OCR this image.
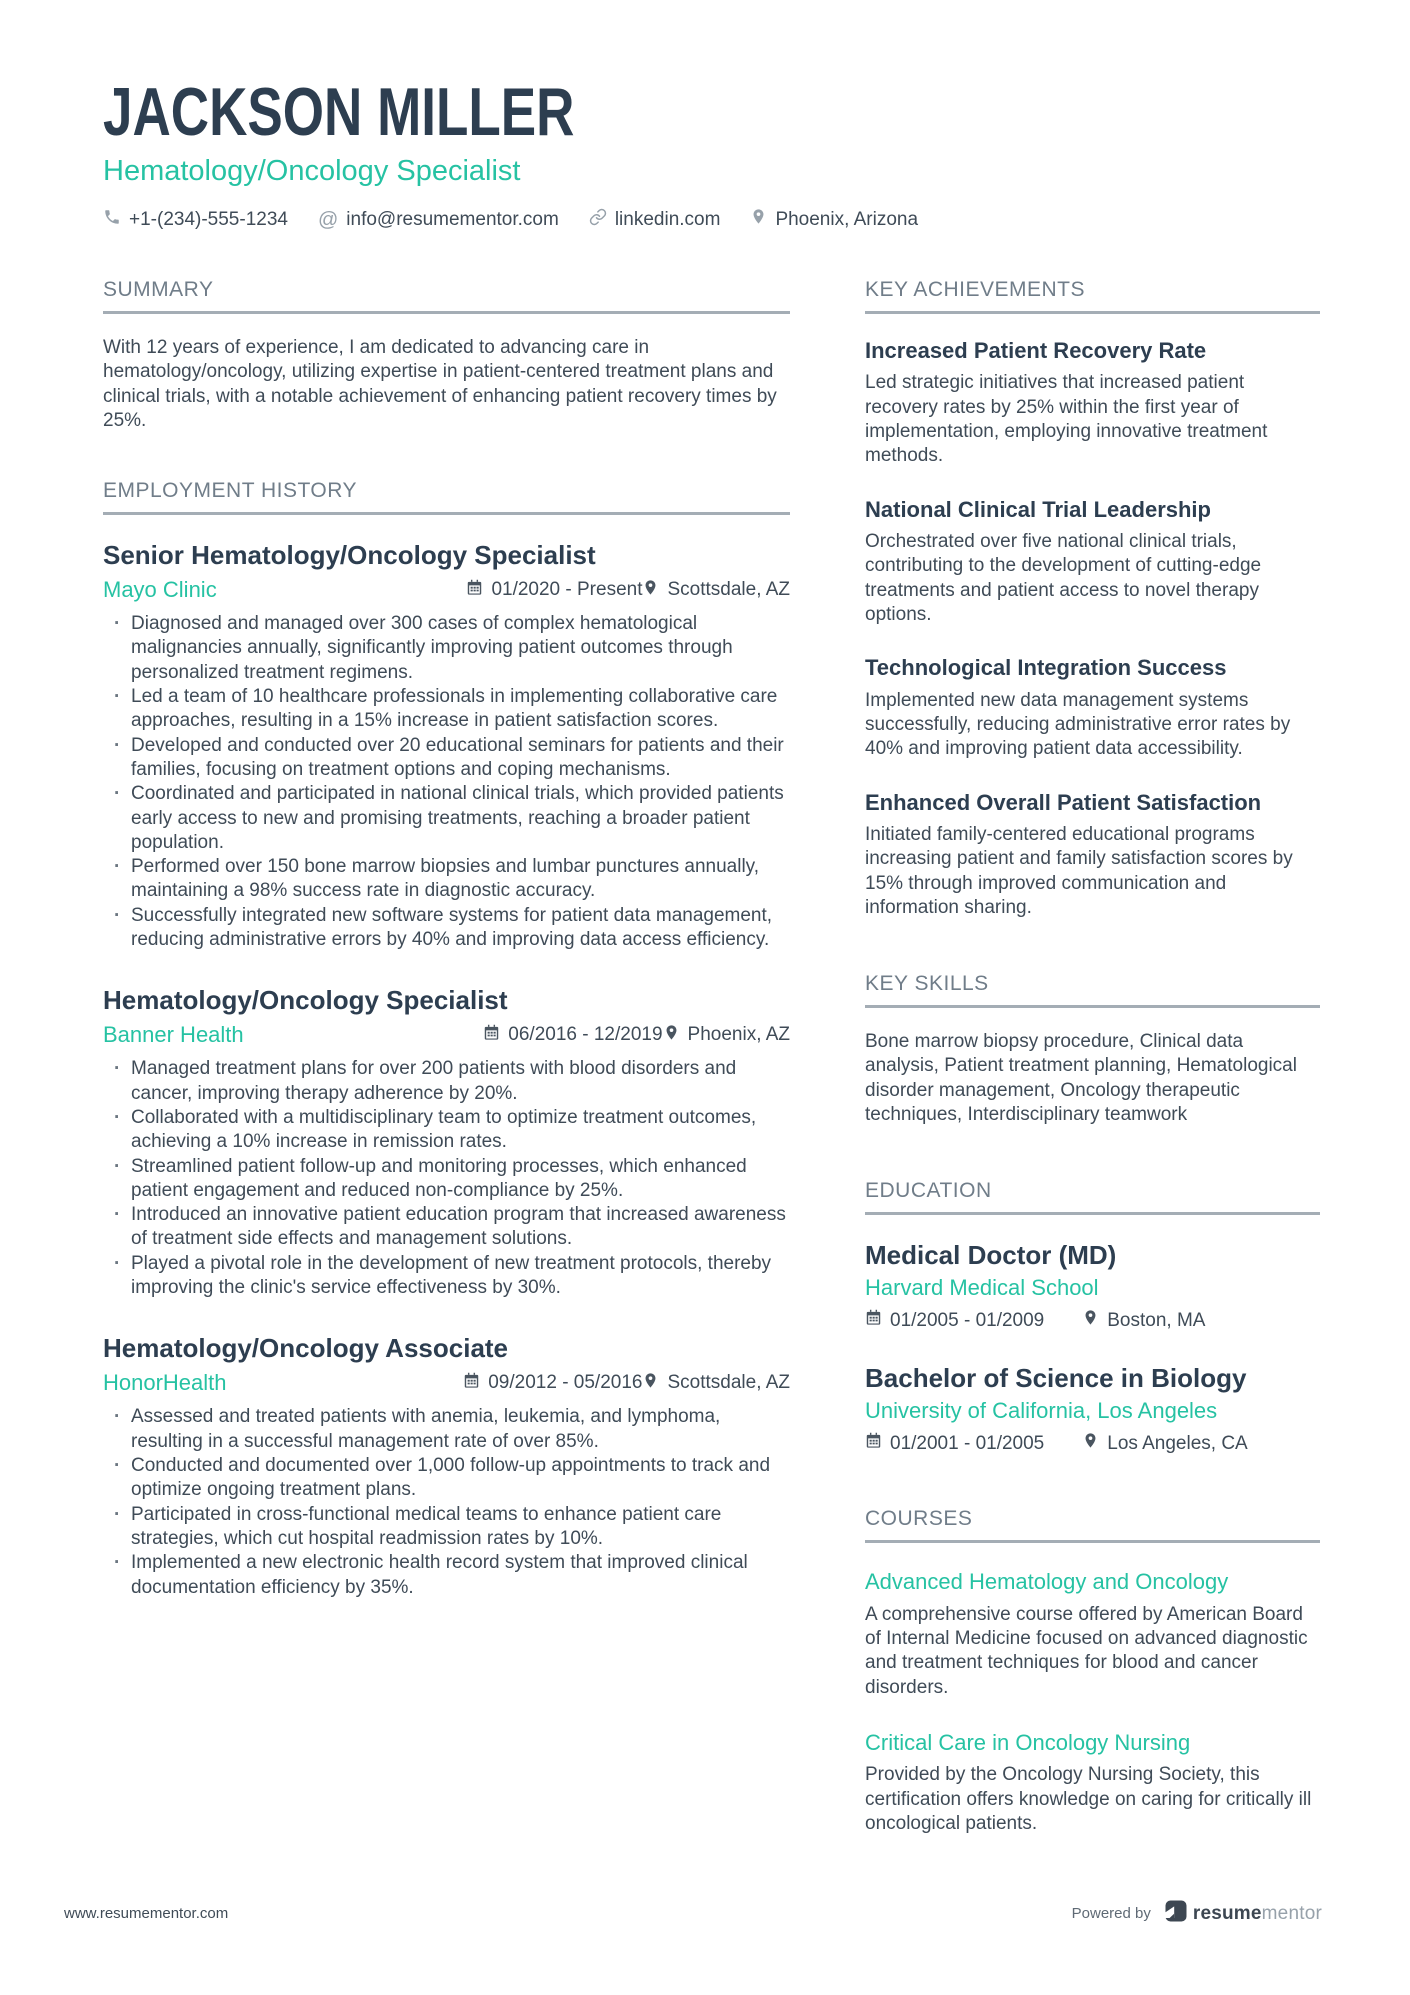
JACKSON MILLER
Hematology/Oncology Specialist
+1-(234)-555-1234 @ info@resumementor.com	linkedin.com	Phoenix, Arizona
SUMMARY

With 12 years of experience, I am dedicated to advancing care in hematology/oncology, utilizing expertise in patient-centered treatment plans and clinical trials, with a notable achievement of enhancing patient recovery times by 25%.

EMPLOYMENT HISTORY
Senior Hematology/Oncology Specialist
Mayo Clinic	01/2020 - Present Scottsdale, AZ
· Diagnosed and managed over 300 cases of complex hematological malignancies annually, significantly improving patient outcomes through personalized treatment regimens.
· Led a team of 10 healthcare professionals in implementing collaborative care approaches, resulting in a 15% increase in patient satisfaction scores.
· Developed and conducted over 20 educational seminars for patients and their families, focusing on treatment options and coping mechanisms.
· Coordinated and participated in national clinical trials, which provided patients early access to new and promising treatments, reaching a broader patient population.
· Performed over 150 bone marrow biopsies and lumbar punctures annually, maintaining a 98% success rate in diagnostic accuracy.
· Successfully integrated new software systems for patient data management, reducing administrative errors by 40% and improving data access efficiency.
Hematology/Oncology Specialist
Banner Health	06/2016 - 12/2019 Phoenix, AZ
· Managed treatment plans for over 200 patients with blood disorders and cancer, improving therapy adherence by 20%.
· Collaborated with a multidisciplinary team to optimize treatment outcomes, achieving a 10% increase in remission rates.
· Streamlined patient follow-up and monitoring processes, which enhanced patient engagement and reduced non-compliance by 25%.
· Introduced an innovative patient education program that increased awareness of treatment side effects and management solutions.
· Played a pivotal role in the development of new treatment protocols, thereby improving the clinic's service effectiveness by 30%.
Hematology/Oncology Associate
HonorHealth	09/2012 - 05/2016 Scottsdale, AZ
· Assessed and treated patients with anemia, leukemia, and lymphoma, resulting in a successful management rate of over 85%.
· Conducted and documented over 1,000 follow-up appointments to track and optimize ongoing treatment plans.
· Participated in cross-functional medical teams to enhance patient care strategies, which cut hospital readmission rates by 10%.
· Implemented a new electronic health record system that improved clinical documentation efficiency by 35%.
KEY ACHIEVEMENTS
Increased Patient Recovery Rate

Led strategic initiatives that increased patient recovery rates by 25% within the first year of implementation, employing innovative treatment methods.

National Clinical Trial Leadership

Orchestrated over five national clinical trials, contributing to the development of cutting-edge treatments and patient access to novel therapy options.

Technological Integration Success

Implemented new data management systems successfully, reducing administrative error rates by 40% and improving patient data accessibility.

Enhanced Overall Patient Satisfaction

Initiated family-centered educational programs increasing patient and family satisfaction scores by 15% through improved communication and information sharing.

KEY SKILLS

Bone marrow biopsy procedure, Clinical data analysis, Patient treatment planning, Hematological disorder management, Oncology therapeutic techniques, Interdisciplinary teamwork

EDUCATION
Medical Doctor (MD)
Harvard Medical School
01/2005 - 01/2009	Boston, MA
Bachelor of Science in Biology
University of California, Los Angeles
01/2001 - 01/2005	Los Angeles, CA
COURSES
Advanced Hematology and Oncology

A comprehensive course offered by American Board of Internal Medicine focused on advanced diagnostic and treatment techniques for blood and cancer disorders.

Critical Care in Oncology Nursing

Provided by the Oncology Nursing Society, this certification offers knowledge on caring for critically ill oncological patients.

www.resumementor.com	Powered by resumementor
